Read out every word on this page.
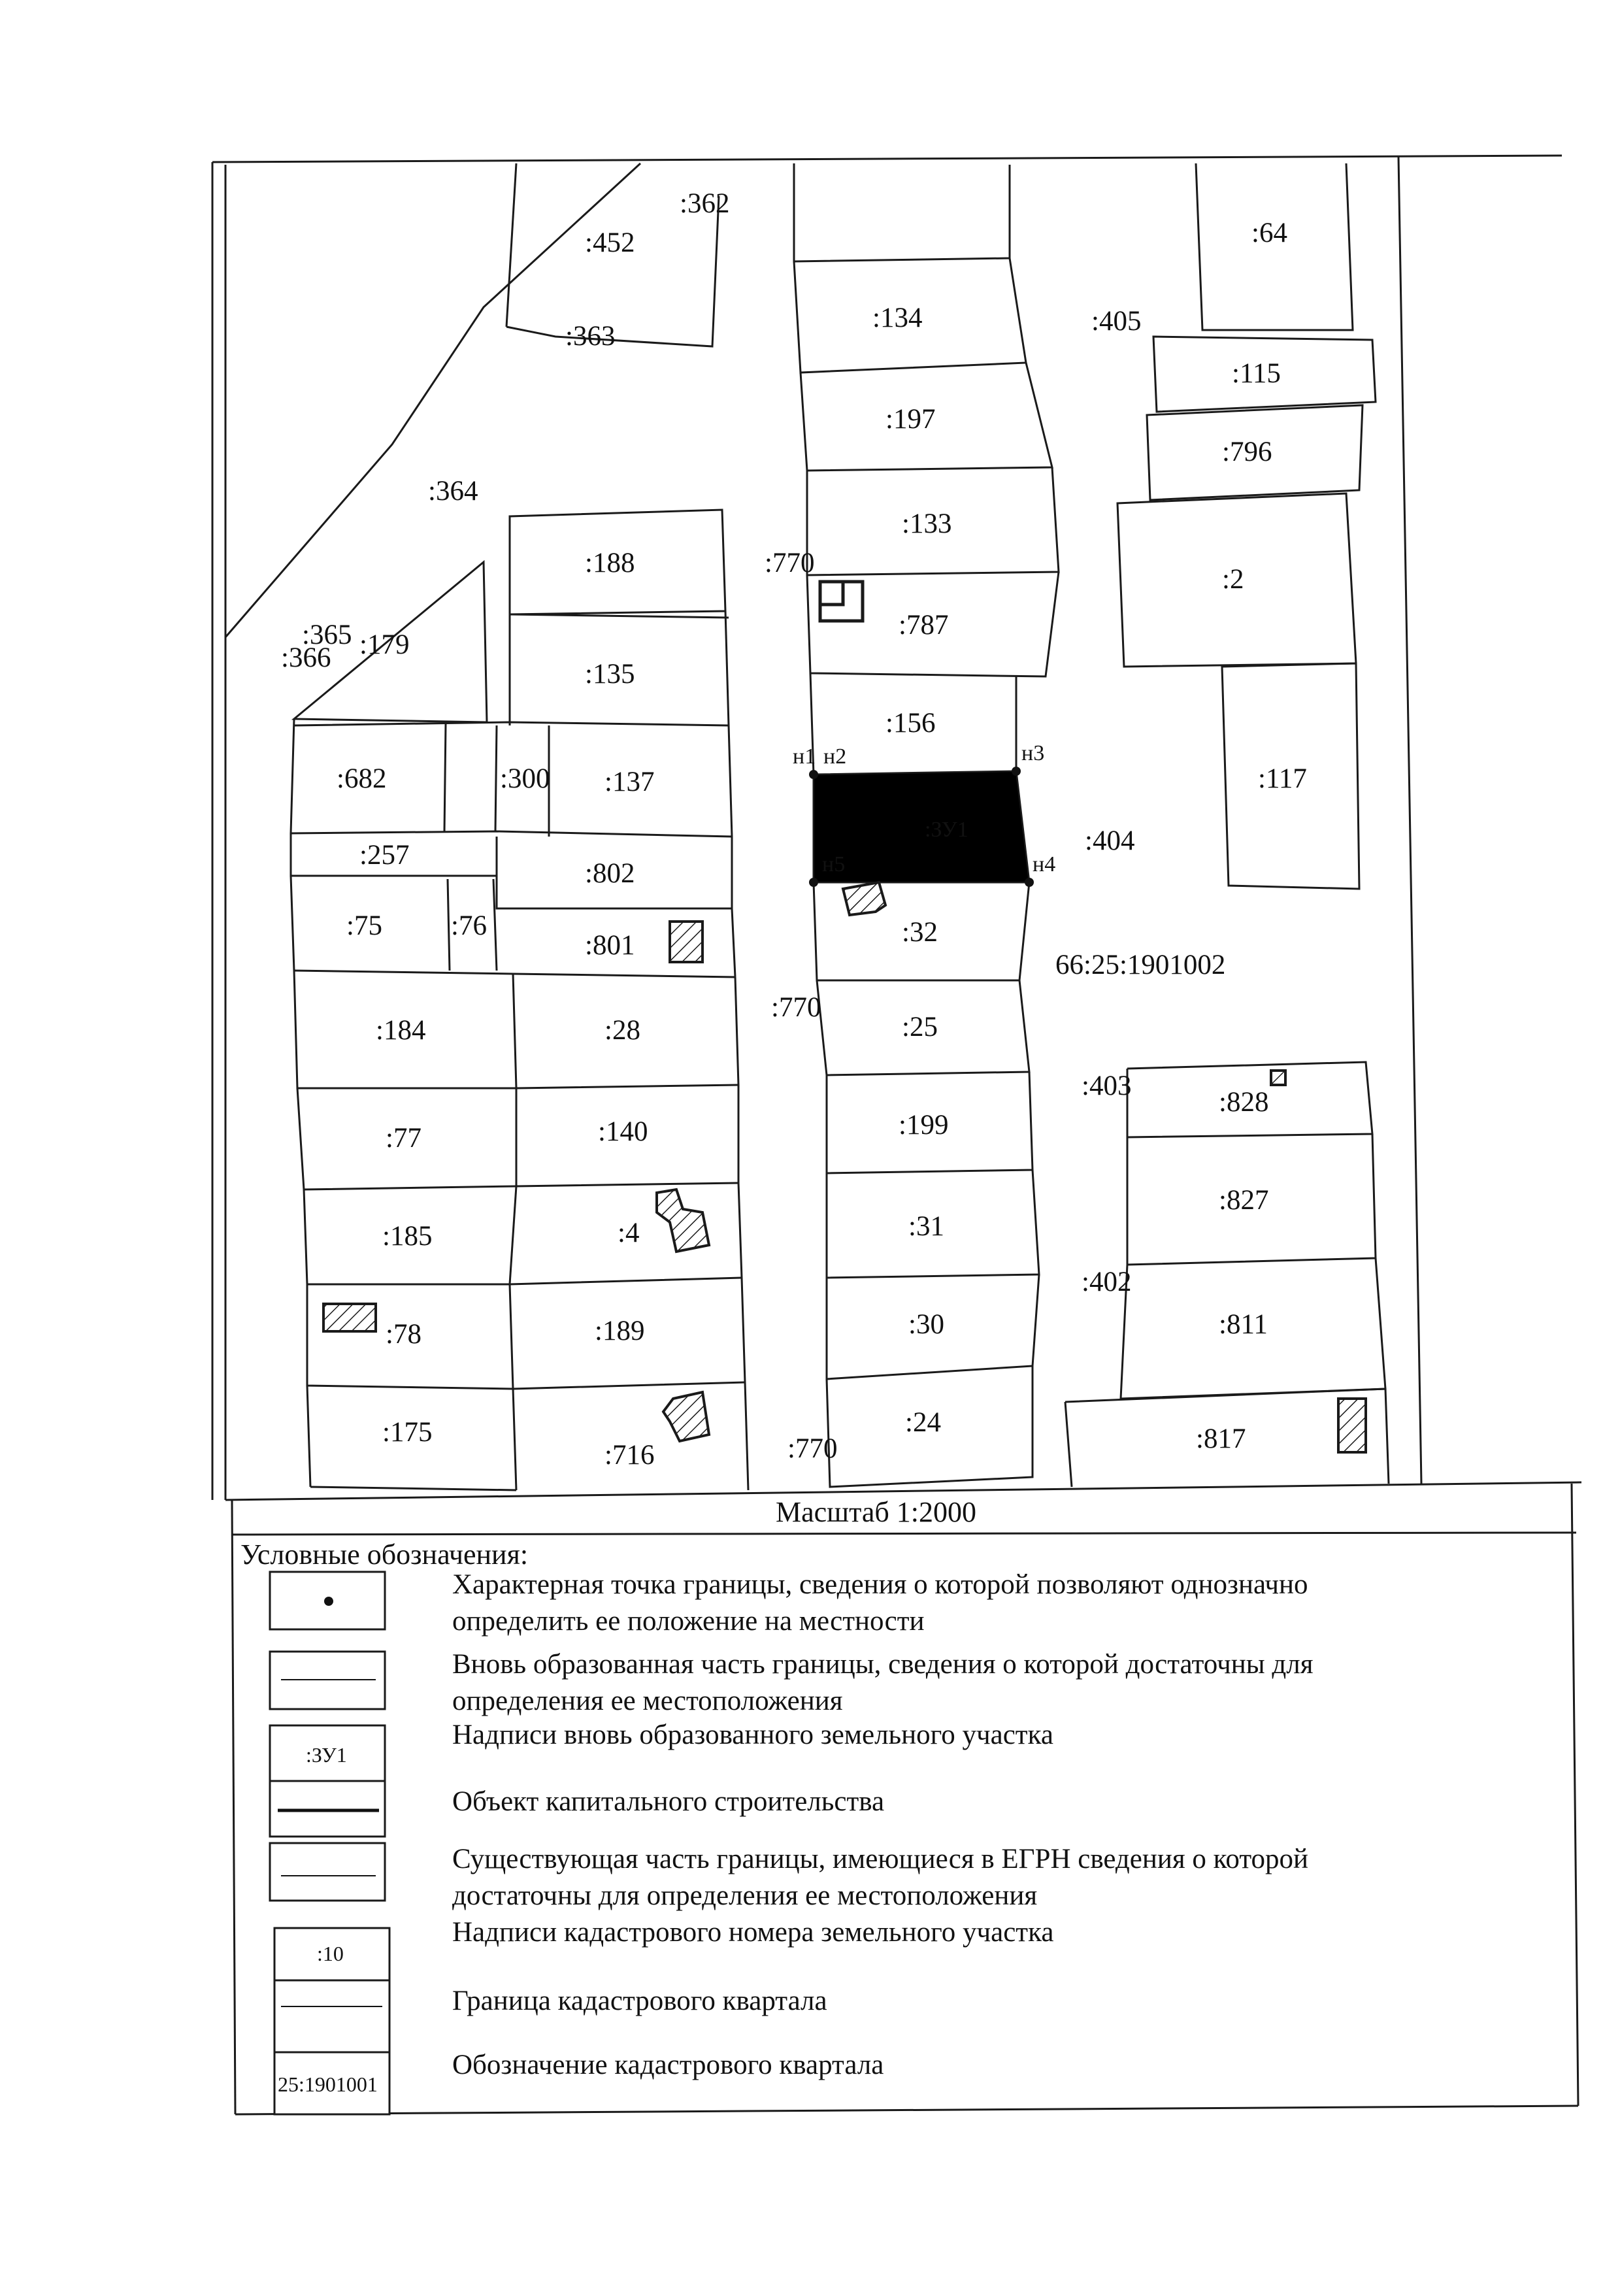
:362
:452
:363
:364
:365
:366 :179
:188
:135
:137
:300
:682
:257
:802
:75 :76
:801
:184	:28
:77	:140
:185	:4
:78	:189
:175
:716
:134
:197
:133
:770
:787
:156
:32
:770
:25
:199
:31
:30
:24
:770
:64
:405
:115
:796
:2
:117
:404
:403
:828
:827
:402
:811
:817
:ЗУ1
66:25:1901002
н1 н2	н3
н4
н5
Масштаб 1:2000
Условные обозначения:
Характерная точка границы, сведения о которой позволяют однозначно
определить ее положение на местности
Вновь образованная часть границы, сведения о которой достаточны для
определения ее местоположения
:ЗУ1
Надписи вновь образованного земельного участка
Объект капитального строительства
Существующая часть границы, имеющиеся в ЕГРН сведения о которой
достаточны для определения ее местоположения
:10
Надписи кадастрового номера земельного участка
Граница кадастрового квартала
25:1901001
Обозначение кадастрового квартала
